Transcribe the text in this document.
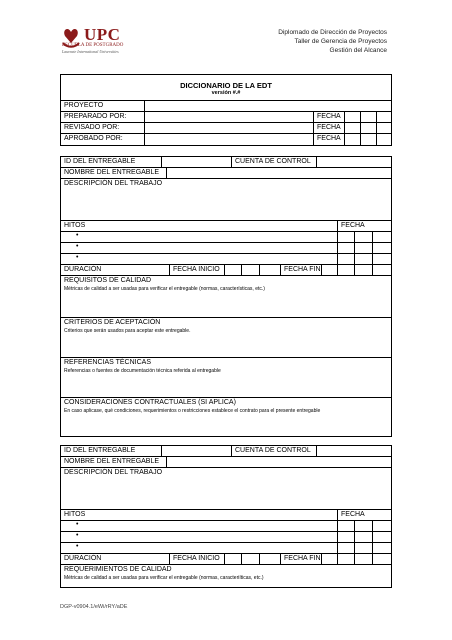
UPC
ESCUELA DE POSTGRADO
Laureate International Universities
Diplomado de Dirección de Proyectos
Taller de Gerencia de Proyectos
Gestión del Alcance
DICCIONARIO DE LA EDT
versión #.#
PROYECTO
PREPARADO POR:	FECHA
REVISADO POR:	FECHA
APROBADO POR:	FECHA
ID DEL ENTREGABLE	CUENTA DE CONTROL
NOMBRE DEL ENTREGABLE
DESCRIPCIÓN DEL TRABAJO
HITOS	FECHA
•
•
•
DURACIÓN	FECHA INICIO	FECHA FIN
REQUISITOS DE CALIDAD
Métricas de calidad a ser usadas para verificar el entregable (normas, características, etc.)
CRITERIOS DE ACEPTACIÓN
Criterios que serán usados para aceptar este entregable.
REFERENCIAS TÉCNICAS
Referencias o fuentes de documentación técnica referida al entregable
CONSIDERACIONES CONTRACTUALES (SI APLICA)
En caso aplicase, qué condiciones, requerimientos o restricciones establece el contrato para el presente entregable
ID DEL ENTREGABLE	CUENTA DE CONTROL
NOMBRE DEL ENTREGABLE
DESCRIPCIÓN DEL TRABAJO
HITOS	FECHA
•
•
•
DURACIÓN	FECHA INICIO	FECHA FIN
REQUERIMIENTOS DE CALIDAD
Métricas de calidad a ser usadas para verificar el entregable (normas, caracteriíticas, etc.)
DGP-v0904.1/eWi/rRY/aDE
